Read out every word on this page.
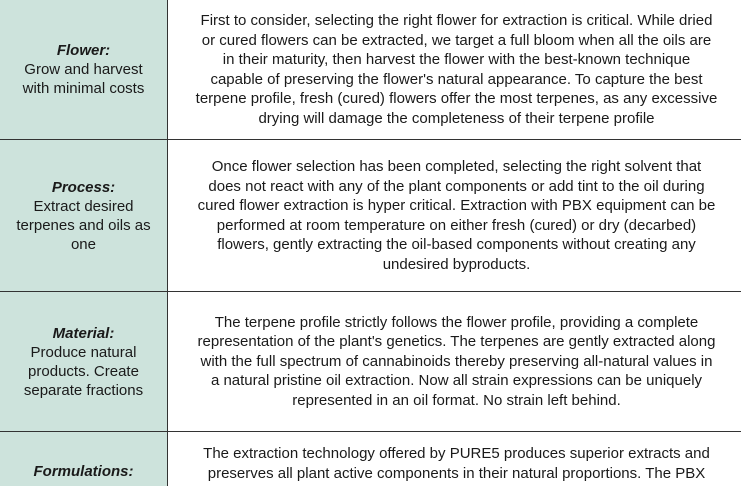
Flower:
Grow and harvest
with minimal costs

First to consider, selecting the right flower for extraction is critical. While dried
or cured flowers can be extracted, we target a full bloom when all the oils are
in their maturity, then harvest the flower with the best-known technique
capable of preserving the flower's natural appearance. To capture the best
terpene profile, fresh (cured) flowers offer the most terpenes, as any excessive
drying will damage the completeness of their terpene profile

Process:
Extract desired
terpenes and oils as
one

Once flower selection has been completed, selecting the right solvent that
does not react with any of the plant components or add tint to the oil during
cured flower extraction is hyper critical. Extraction with PBX equipment can be
performed at room temperature on either fresh (cured) or dry (decarbed)
flowers, gently extracting the oil-based components without creating any
undesired byproducts.

Material:
Produce natural
products. Create
separate fractions

The terpene profile strictly follows the flower profile, providing a complete
representation of the plant's genetics. The terpenes are gently extracted along
with the full spectrum of cannabinoids thereby preserving all-natural values in
a natural pristine oil extraction. Now all strain expressions can be uniquely
represented in an oil format. No strain left behind.

Formulations:

The extraction technology offered by PURE5 produces superior extracts and
preserves all plant active components in their natural proportions. The PBX
